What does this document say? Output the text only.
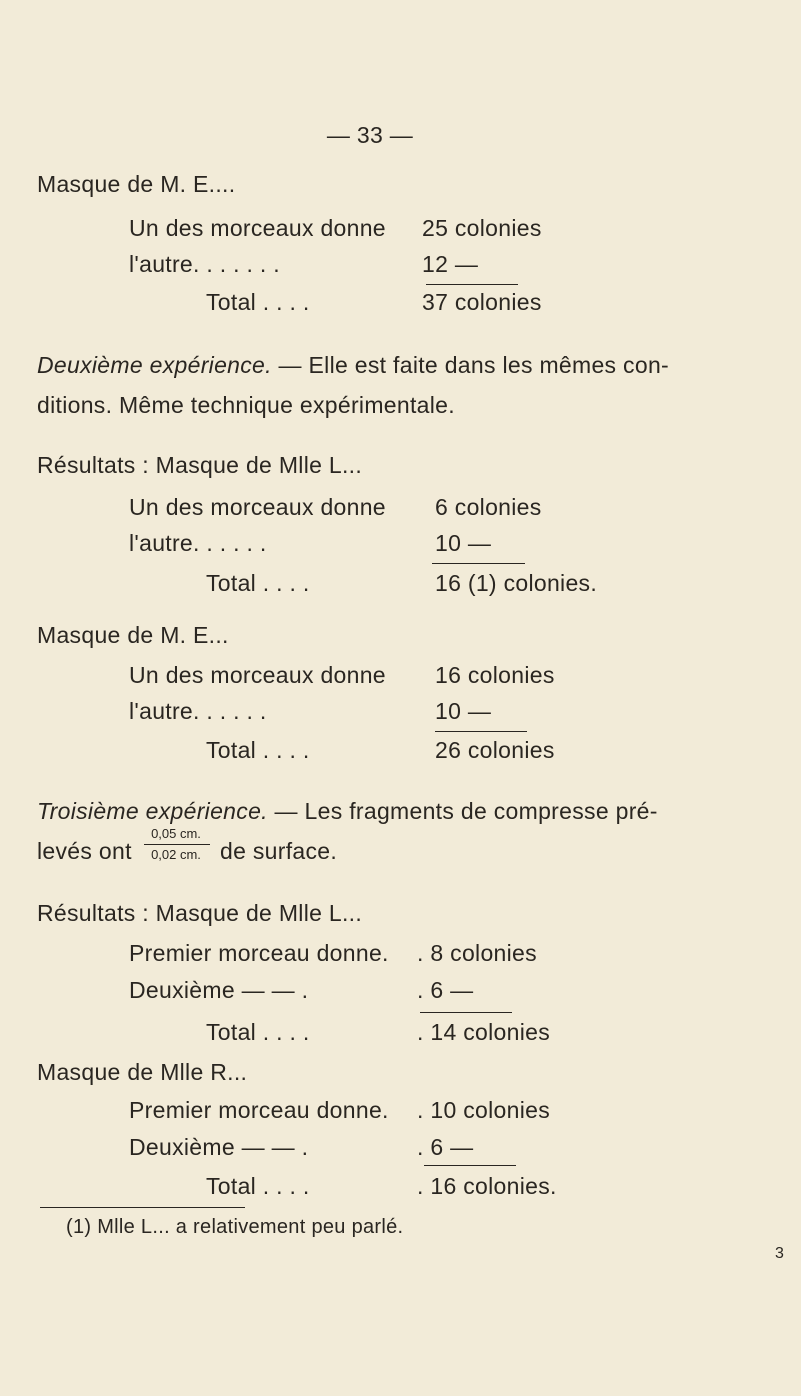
— 33 —
Masque de M. E....
Un des morceaux donne 25 colonies
l'autre. . . . . . .	12 —
Total . . . .	37 colonies
Deuxième expérience. — Elle est faite dans les mêmes con-
ditions. Même technique expérimentale.
Résultats : Masque de Mlle L...
Un des morceaux donne 6 colonies
l'autre. . . . . .	10 —
Total . . . .	16 (1) colonies.
Masque de M. E...
Un des morceaux donne 16 colonies
l'autre. . . . . .	10 —
Total . . . .	26 colonies
Troisième expérience. — Les fragments de compresse pré-
levés ont
0,05 cm.
0,02 cm. de surface.
Résultats : Masque de Mlle L...
Premier morceau donne. . 8 colonies
Deuxième — — .	. 6 —
Total . . . .	. 14 colonies
Masque de Mlle R...
Premier morceau donne. . 10 colonies
Deuxième — — .	. 6 —
Total . . . .	. 16 colonies.
(1) Mlle L... a relativement peu parlé.
3
